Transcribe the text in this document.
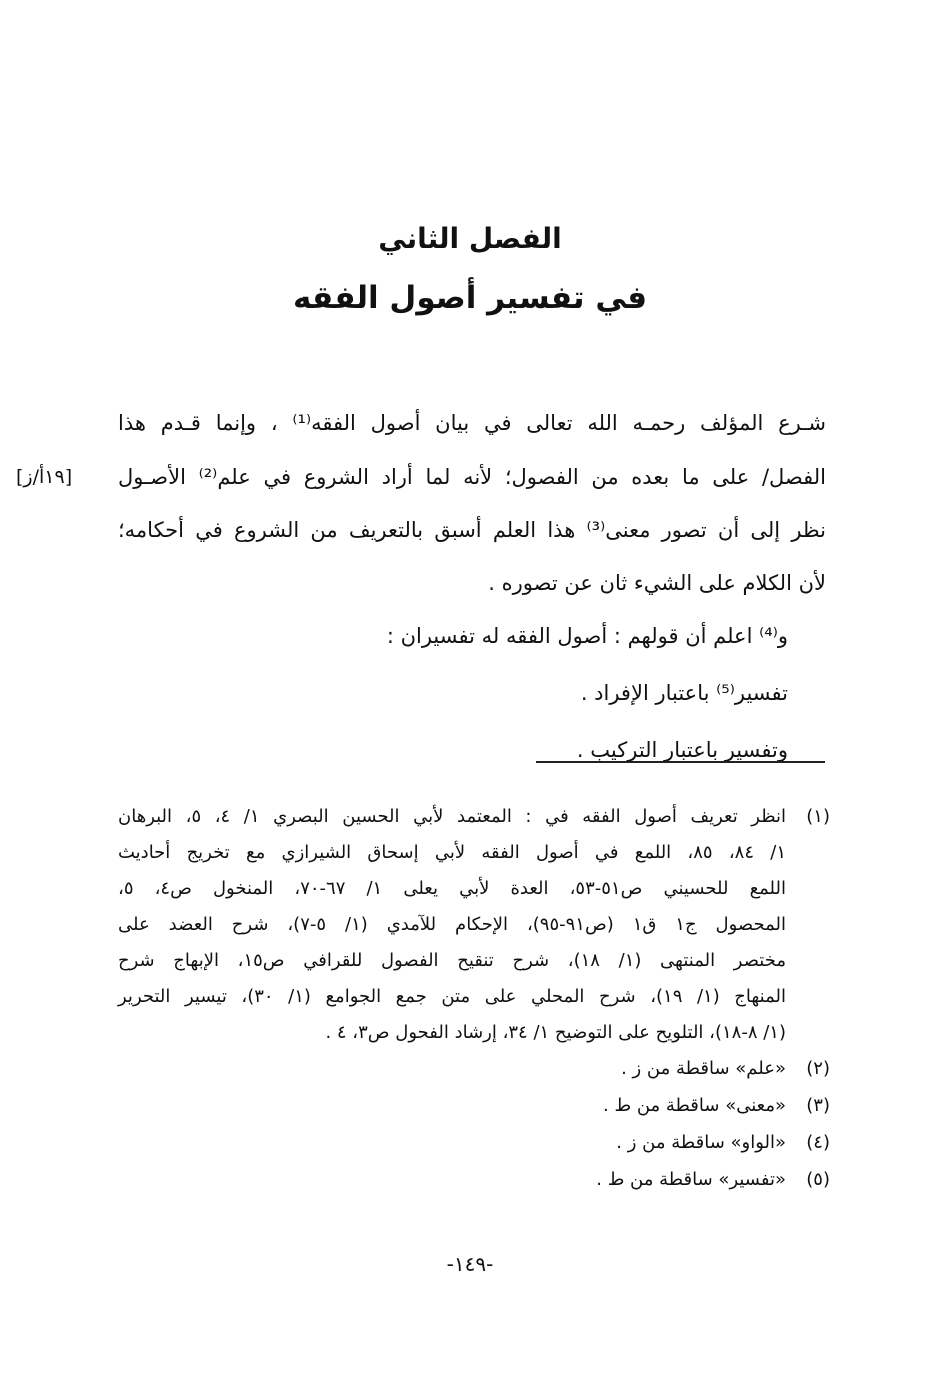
الفصل الثاني
في تفسير أصول الفقه
[١٩أ/ز]
شـرع المؤلف رحمـه الله تعالى في بيان أصول الفقه⁽¹⁾ ، وإنما قـدم هذا
الفصل/ على ما بعده من الفصول؛ لأنه لما أراد الشروع في علم⁽²⁾ الأصـول
نظر إلى أن تصور معنى⁽³⁾ هذا العلم أسبق بالتعريف من الشروع في أحكامه؛
لأن الكلام على الشيء ثان عن تصوره .
و⁽⁴⁾ اعلم أن قولهم : أصول الفقه له تفسيران :
تفسير⁽⁵⁾ باعتبار الإفراد .
وتفسير باعتبار التركيب .
(١)
انظر تعريف أصول الفقه في : المعتمد لأبي الحسين البصري ١/ ٤، ٥، البرهان
١/ ٨٤، ٨٥، اللمع في أصول الفقه لأبي إسحاق الشيرازي مع تخريج أحاديث
اللمع للحسيني ص٥١-٥٣، العدة لأبي يعلى ١/ ٦٧-٧٠، المنخول ص٤، ٥،
المحصول ج١ ق١ (ص٩١-٩٥)، الإحكام للآمدي (١/ ٥-٧)، شرح العضد على
مختصر المنتهى (١/ ١٨)، شرح تنقيح الفصول للقرافي ص١٥، الإبهاج شرح
المنهاج (١/ ١٩)، شرح المحلي على متن جمع الجوامع (١/ ٣٠)، تيسير التحرير
(١/ ٨-١٨)، التلويح على التوضيح ١/ ٣٤، إرشاد الفحول ص٣، ٤ .
(٢)
«علم» ساقطة من ز .
(٣)
«معنى» ساقطة من ط .
(٤)
«الواو» ساقطة من ز .
(٥)
«تفسير» ساقطة من ط .
-١٤٩-
